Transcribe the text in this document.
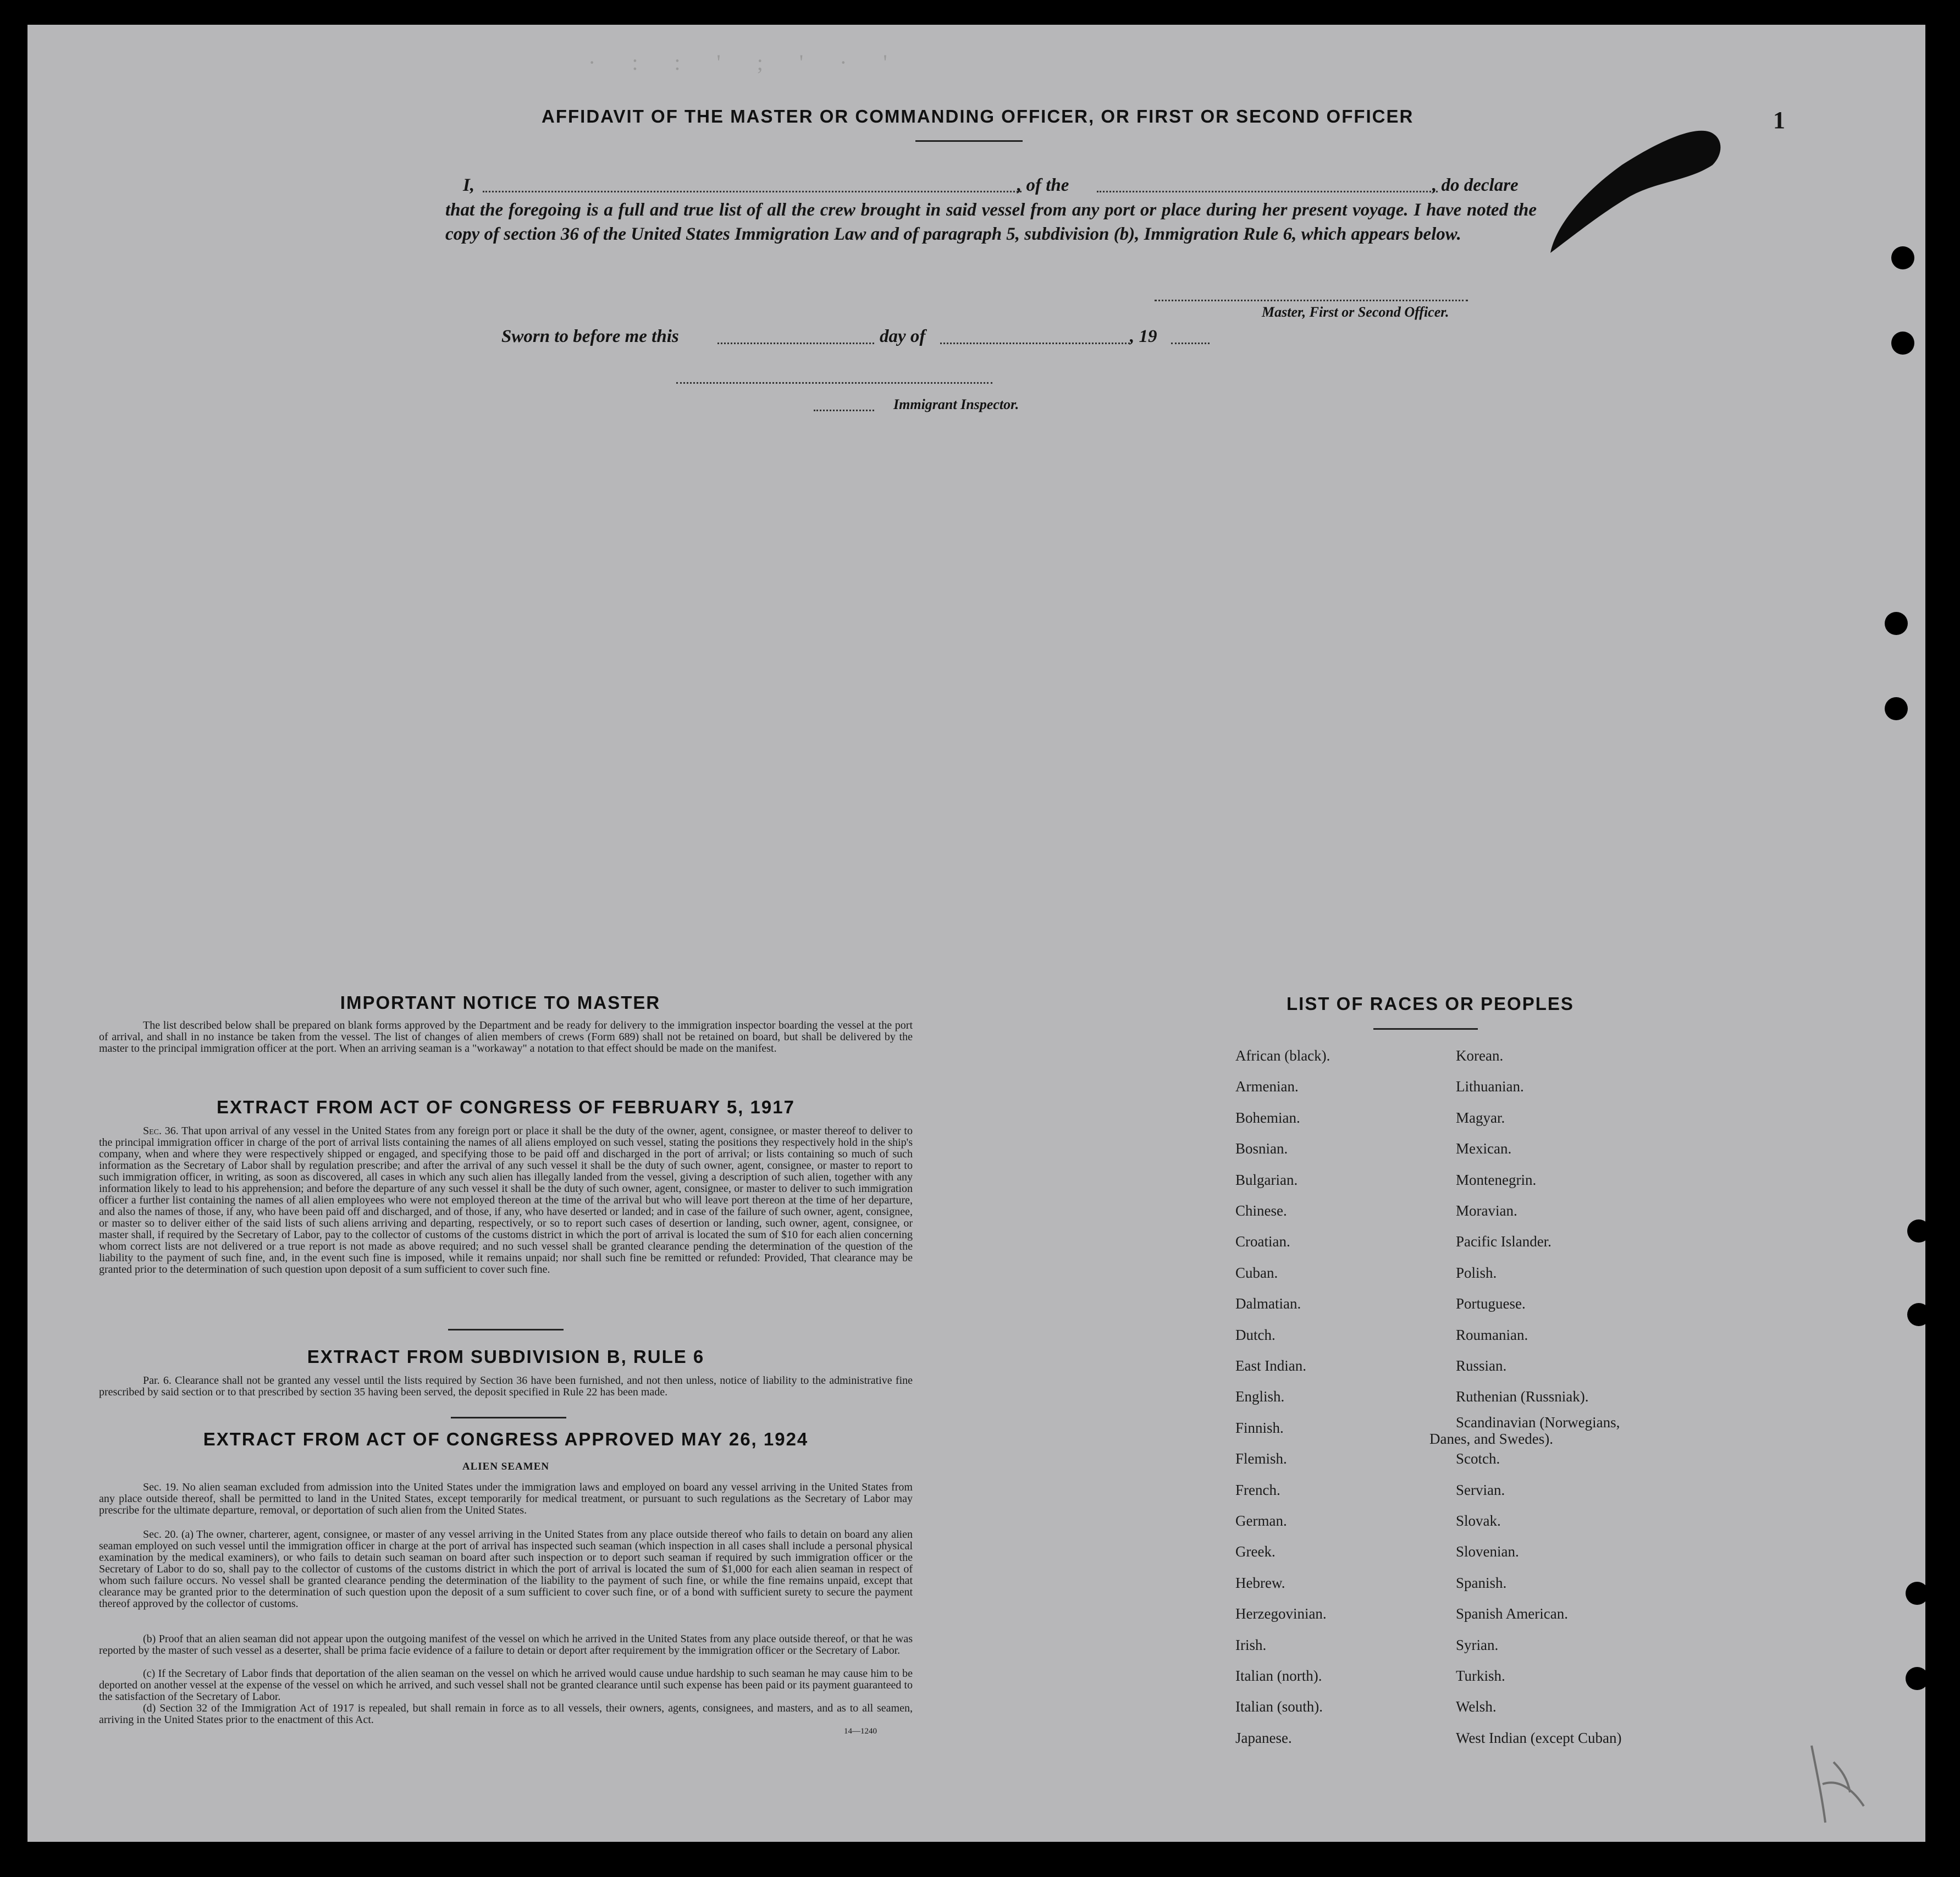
· : : ' ; ' · '
1
AFFIDAVIT OF THE MASTER OR COMMANDING OFFICER, OR FIRST OR SECOND OFFICER
I,	, of the	, do declare
that the foregoing is a full and true list of all the crew brought in said vessel from any port or place during her present voyage. I have noted the copy of section 36 of the United States Immigration Law and of paragraph 5, subdivision (b), Immigration Rule 6, which appears below.
Master, First or Second Officer.
Sworn to before me this	day of	, 19
Immigrant Inspector.
IMPORTANT NOTICE TO MASTER
The list described below shall be prepared on blank forms approved by the Department and be ready for delivery to the immigration inspector boarding the vessel at the port of arrival, and shall in no instance be taken from the vessel. The list of changes of alien members of crews (Form 689) shall not be retained on board, but shall be delivered by the master to the principal immigration officer at the port. When an arriving seaman is a "workaway" a notation to that effect should be made on the manifest.
EXTRACT FROM ACT OF CONGRESS OF FEBRUARY 5, 1917
Sec. 36. That upon arrival of any vessel in the United States from any foreign port or place it shall be the duty of the owner, agent, consignee, or master thereof to deliver to the principal immigration officer in charge of the port of arrival lists containing the names of all aliens employed on such vessel, stating the positions they respectively hold in the ship's company, when and where they were respectively shipped or engaged, and specifying those to be paid off and discharged in the port of arrival; or lists containing so much of such information as the Secretary of Labor shall by regulation prescribe; and after the arrival of any such vessel it shall be the duty of such owner, agent, consignee, or master to report to such immigration officer, in writing, as soon as discovered, all cases in which any such alien has illegally landed from the vessel, giving a description of such alien, together with any information likely to lead to his apprehension; and before the departure of any such vessel it shall be the duty of such owner, agent, consignee, or master to deliver to such immigration officer a further list containing the names of all alien employees who were not employed thereon at the time of the arrival but who will leave port thereon at the time of her departure, and also the names of those, if any, who have been paid off and discharged, and of those, if any, who have deserted or landed; and in case of the failure of such owner, agent, consignee, or master so to deliver either of the said lists of such aliens arriving and departing, respectively, or so to report such cases of desertion or landing, such owner, agent, consignee, or master shall, if required by the Secretary of Labor, pay to the collector of customs of the customs district in which the port of arrival is located the sum of $10 for each alien concerning whom correct lists are not delivered or a true report is not made as above required; and no such vessel shall be granted clearance pending the determination of the question of the liability to the payment of such fine, and, in the event such fine is imposed, while it remains unpaid; nor shall such fine be remitted or refunded: Provided, That clearance may be granted prior to the determination of such question upon deposit of a sum sufficient to cover such fine.
EXTRACT FROM SUBDIVISION B, RULE 6
Par. 6. Clearance shall not be granted any vessel until the lists required by Section 36 have been furnished, and not then unless, notice of liability to the administrative fine prescribed by said section or to that prescribed by section 35 having been served, the deposit specified in Rule 22 has been made.
EXTRACT FROM ACT OF CONGRESS APPROVED MAY 26, 1924
ALIEN SEAMEN
Sec. 19. No alien seaman excluded from admission into the United States under the immigration laws and employed on board any vessel arriving in the United States from any place outside thereof, shall be permitted to land in the United States, except temporarily for medical treatment, or pursuant to such regulations as the Secretary of Labor may prescribe for the ultimate departure, removal, or deportation of such alien from the United States.
Sec. 20. (a) The owner, charterer, agent, consignee, or master of any vessel arriving in the United States from any place outside thereof who fails to detain on board any alien seaman employed on such vessel until the immigration officer in charge at the port of arrival has inspected such seaman (which inspection in all cases shall include a personal physical examination by the medical examiners), or who fails to detain such seaman on board after such inspection or to deport such seaman if required by such immigration officer or the Secretary of Labor to do so, shall pay to the collector of customs of the customs district in which the port of arrival is located the sum of $1,000 for each alien seaman in respect of whom such failure occurs. No vessel shall be granted clearance pending the determination of the liability to the payment of such fine, or while the fine remains unpaid, except that clearance may be granted prior to the determination of such question upon the deposit of a sum sufficient to cover such fine, or of a bond with sufficient surety to secure the payment thereof approved by the collector of customs.
(b) Proof that an alien seaman did not appear upon the outgoing manifest of the vessel on which he arrived in the United States from any place outside thereof, or that he was reported by the master of such vessel as a deserter, shall be prima facie evidence of a failure to detain or deport after requirement by the immigration officer or the Secretary of Labor.
(c) If the Secretary of Labor finds that deportation of the alien seaman on the vessel on which he arrived would cause undue hardship to such seaman he may cause him to be deported on another vessel at the expense of the vessel on which he arrived, and such vessel shall not be granted clearance until such expense has been paid or its payment guaranteed to the satisfaction of the Secretary of Labor.
(d) Section 32 of the Immigration Act of 1917 is repealed, but shall remain in force as to all vessels, their owners, agents, consignees, and masters, and as to all seamen, arriving in the United States prior to the enactment of this Act.
14—1240
LIST OF RACES OR PEOPLES
African (black).
Armenian.
Bohemian.
Bosnian.
Bulgarian.
Chinese.
Croatian.
Cuban.
Dalmatian.
Dutch.
East Indian.
English.
Finnish.
Flemish.
French.
German.
Greek.
Hebrew.
Herzegovinian.
Irish.
Italian (north).
Italian (south).
Japanese.
Korean.
Lithuanian.
Magyar.
Mexican.
Montenegrin.
Moravian.
Pacific Islander.
Polish.
Portuguese.
Roumanian.
Russian.
Ruthenian (Russniak).
Scandinavian (Norwegians,
Scotch.
Servian.
Slovak.
Slovenian.
Spanish.
Spanish American.
Syrian.
Turkish.
Welsh.
West Indian (except Cuban)
Danes, and Swedes).
